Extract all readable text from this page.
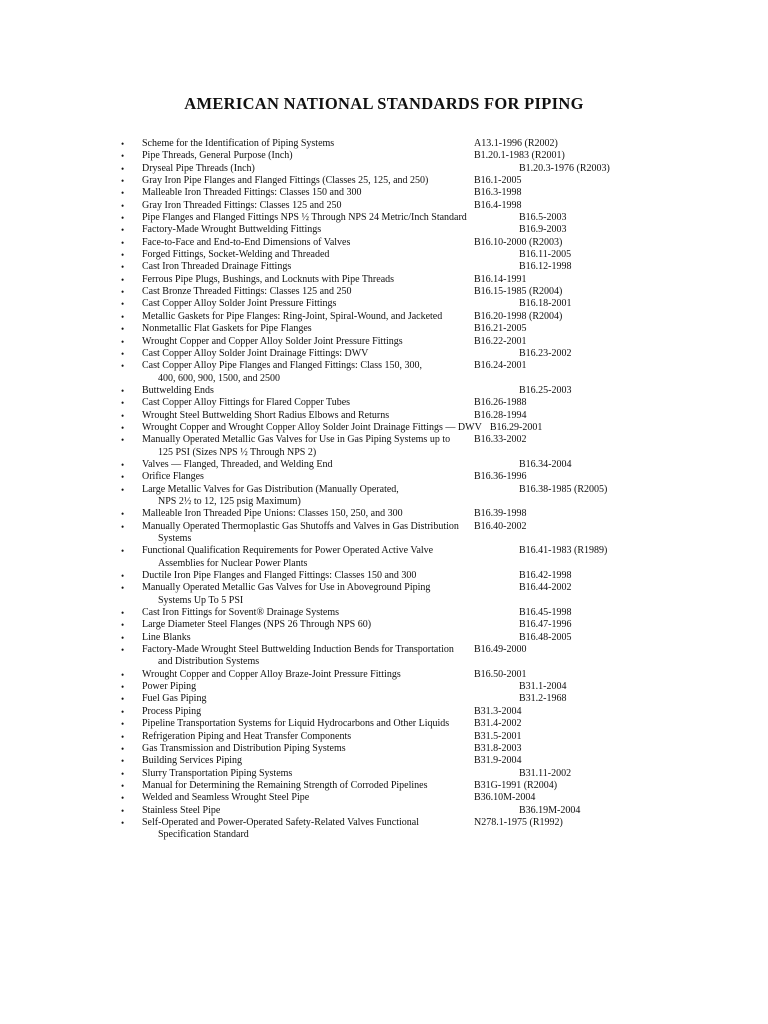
AMERICAN NATIONAL STANDARDS FOR PIPING
• Scheme for the Identification of Piping Systems	A13.1-1996 (R2002)
• Pipe Threads, General Purpose (Inch)	B1.20.1-1983 (R2001)
• Dryseal Pipe Threads (Inch)	B1.20.3-1976 (R2003)
• Gray Iron Pipe Flanges and Flanged Fittings (Classes 25, 125, and 250)	B16.1-2005
• Malleable Iron Threaded Fittings: Classes 150 and 300	B16.3-1998
• Gray Iron Threaded Fittings: Classes 125 and 250	B16.4-1998
• Pipe Flanges and Flanged Fittings NPS ½ Through NPS 24 Metric/Inch Standard	B16.5-2003
• Factory-Made Wrought Buttwelding Fittings	B16.9-2003
• Face-to-Face and End-to-End Dimensions of Valves	B16.10-2000 (R2003)
• Forged Fittings, Socket-Welding and Threaded	B16.11-2005
• Cast Iron Threaded Drainage Fittings	B16.12-1998
• Ferrous Pipe Plugs, Bushings, and Locknuts with Pipe Threads	B16.14-1991
• Cast Bronze Threaded Fittings: Classes 125 and 250	B16.15-1985 (R2004)
• Cast Copper Alloy Solder Joint Pressure Fittings	B16.18-2001
• Metallic Gaskets for Pipe Flanges: Ring-Joint, Spiral-Wound, and Jacketed	B16.20-1998 (R2004)
• Nonmetallic Flat Gaskets for Pipe Flanges	B16.21-2005
• Wrought Copper and Copper Alloy Solder Joint Pressure Fittings	B16.22-2001
• Cast Copper Alloy Solder Joint Drainage Fittings: DWV	B16.23-2002
• Cast Copper Alloy Pipe Flanges and Flanged Fittings: Class 150, 300,
400, 600, 900, 1500, and 2500
B16.24-2001
• Buttwelding Ends	B16.25-2003
• Cast Copper Alloy Fittings for Flared Copper Tubes	B16.26-1988
• Wrought Steel Buttwelding Short Radius Elbows and Returns	B16.28-1994
• Wrought Copper and Wrought Copper Alloy Solder Joint Drainage Fittings — DWV B16.29-2001
• Manually Operated Metallic Gas Valves for Use in Gas Piping Systems up to
125 PSI (Sizes NPS ½ Through NPS 2)
B16.33-2002
• Valves — Flanged, Threaded, and Welding End	B16.34-2004
• Orifice Flanges	B16.36-1996
• Large Metallic Valves for Gas Distribution (Manually Operated,
NPS 2½ to 12, 125 psig Maximum)
B16.38-1985 (R2005)
• Malleable Iron Threaded Pipe Unions: Classes 150, 250, and 300	B16.39-1998
• Manually Operated Thermoplastic Gas Shutoffs and Valves in Gas Distribution
Systems
B16.40-2002
• Functional Qualification Requirements for Power Operated Active Valve
Assemblies for Nuclear Power Plants
B16.41-1983 (R1989)
• Ductile Iron Pipe Flanges and Flanged Fittings: Classes 150 and 300	B16.42-1998
• Manually Operated Metallic Gas Valves for Use in Aboveground Piping
Systems Up To 5 PSI
B16.44-2002
• Cast Iron Fittings for Sovent® Drainage Systems	B16.45-1998
• Large Diameter Steel Flanges (NPS 26 Through NPS 60)	B16.47-1996
• Line Blanks	B16.48-2005
• Factory-Made Wrought Steel Buttwelding Induction Bends for Transportation
and Distribution Systems
B16.49-2000
• Wrought Copper and Copper Alloy Braze-Joint Pressure Fittings	B16.50-2001
• Power Piping	B31.1-2004
• Fuel Gas Piping	B31.2-1968
• Process Piping	B31.3-2004
• Pipeline Transportation Systems for Liquid Hydrocarbons and Other Liquids B31.4-2002
• Refrigeration Piping and Heat Transfer Components	B31.5-2001
• Gas Transmission and Distribution Piping Systems	B31.8-2003
• Building Services Piping	B31.9-2004
• Slurry Transportation Piping Systems	B31.11-2002
• Manual for Determining the Remaining Strength of Corroded Pipelines	B31G-1991 (R2004)
• Welded and Seamless Wrought Steel Pipe	B36.10M-2004
• Stainless Steel Pipe	B36.19M-2004
• Self-Operated and Power-Operated Safety-Related Valves Functional
Specification Standard
N278.1-1975 (R1992)
